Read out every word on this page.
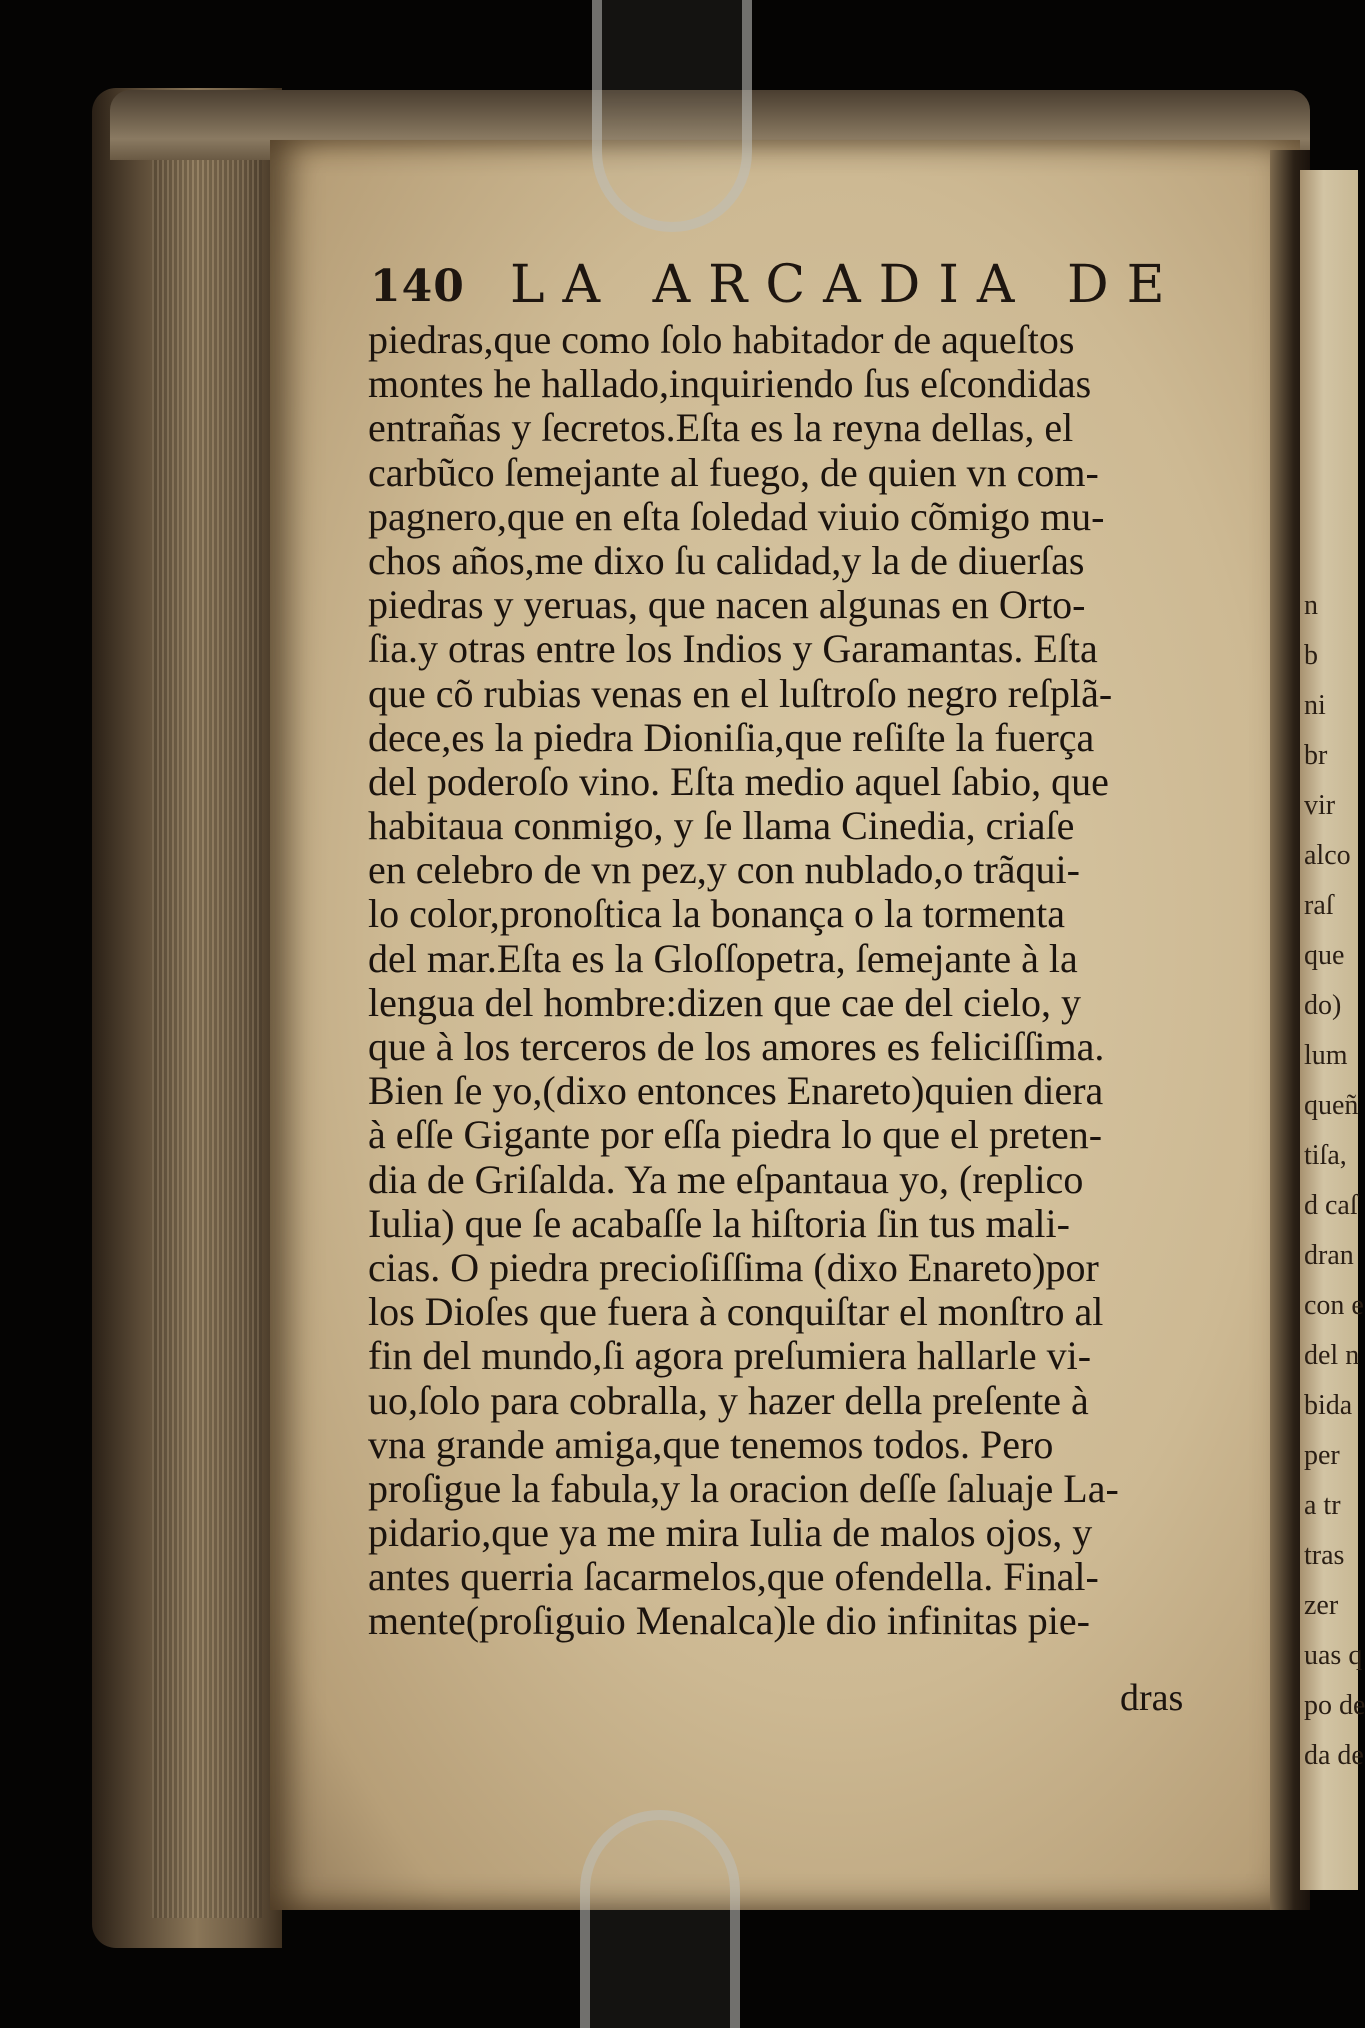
n
b
ni
br
vir
alco
raſ
que
do)
lum
queñ
tiſa,
d caſ
dran
con e
del n
bida
per
a tr
tras
zer
uas q
po de
da de
140 LA ARCADIA DE
piedras,que como ſolo habitador de aqueſtos
montes he hallado,inquiriendo ſus eſcondidas
entrañas y ſecretos.Eſta es la reyna dellas, el
carbũco ſemejante al fuego, de quien vn com-
pagnero,que en eſta ſoledad viuio cõmigo mu-
chos años,me dixo ſu calidad,y la de diuerſas
piedras y yeruas, que nacen algunas en Orto-
ſia.y otras entre los Indios y Garamantas. Eſta
que cõ rubias venas en el luſtroſo negro reſplã-
dece,es la piedra Dioniſia,que reſiſte la fuerça
del poderoſo vino. Eſta medio aquel ſabio, que
habitaua conmigo, y ſe llama Cinedia, criaſe
en celebro de vn pez,y con nublado,o trãqui-
lo color,pronoſtica la bonança o la tormenta
del mar.Eſta es la Gloſſopetra, ſemejante à la
lengua del hombre:dizen que cae del cielo, y
que à los terceros de los amores es feliciſſima.
Bien ſe yo,(dixo entonces Enareto)quien diera
à eſſe Gigante por eſſa piedra lo que el preten-
dia de Griſalda. Ya me eſpantaua yo, (replico
Iulia) que ſe acabaſſe la hiſtoria ſin tus mali-
cias. O piedra precioſiſſima (dixo Enareto)por
los Dioſes que fuera à conquiſtar el monſtro al
fin del mundo,ſi agora preſumiera hallarle vi-
uo,ſolo para cobralla, y hazer della preſente à
vna grande amiga,que tenemos todos. Pero
proſigue la fabula,y la oracion deſſe ſaluaje La-
pidario,que ya me mira Iulia de malos ojos, y
antes querria ſacarmelos,que ofendella. Final-
mente(proſiguio Menalca)le dio infinitas pie-
dras
